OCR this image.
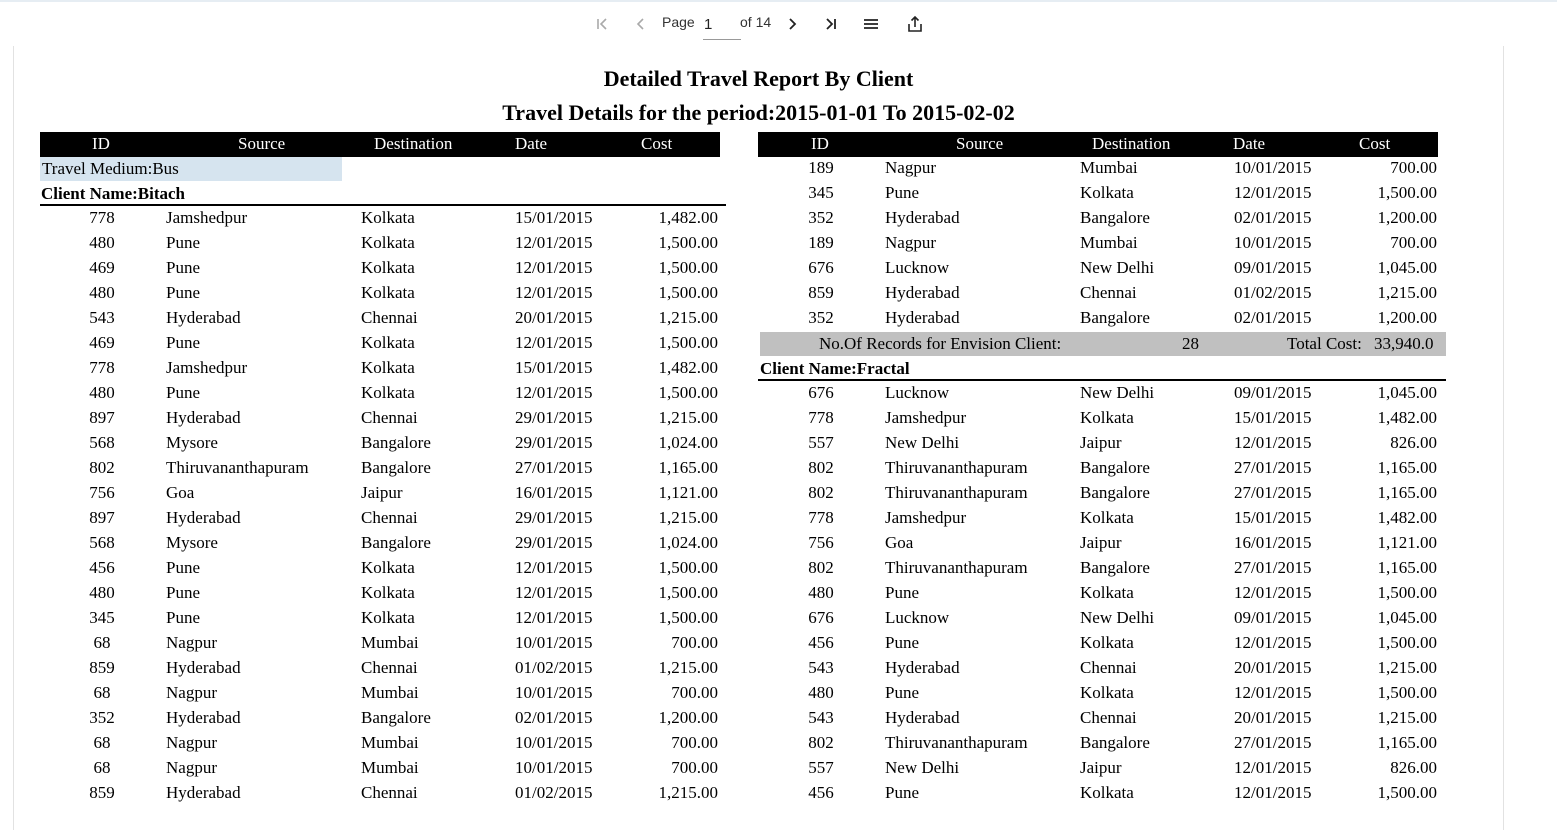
Page
1	of 14
Detailed Travel Report By Client
Travel Details for the period:2015-01-01 To 2015-02-02
ID	Source	Destination	Date	Cost	ID	Source	Destination	Date	Cost
Travel Medium:Bus
Client Name:Bitach
778	Jamshedpur	Kolkata	15/01/2015	1,482.00
480	Pune	Kolkata	12/01/2015	1,500.00
469	Pune	Kolkata	12/01/2015	1,500.00
480	Pune	Kolkata	12/01/2015	1,500.00
543	Hyderabad	Chennai	20/01/2015	1,215.00
469	Pune	Kolkata	12/01/2015	1,500.00
778	Jamshedpur	Kolkata	15/01/2015	1,482.00
480	Pune	Kolkata	12/01/2015	1,500.00
897	Hyderabad	Chennai	29/01/2015	1,215.00
568	Mysore	Bangalore	29/01/2015	1,024.00
802	Thiruvananthapuram	Bangalore	27/01/2015	1,165.00
756	Goa	Jaipur	16/01/2015	1,121.00
897	Hyderabad	Chennai	29/01/2015	1,215.00
568	Mysore	Bangalore	29/01/2015	1,024.00
456	Pune	Kolkata	12/01/2015	1,500.00
480	Pune	Kolkata	12/01/2015	1,500.00
345	Pune	Kolkata	12/01/2015	1,500.00
68	Nagpur	Mumbai	10/01/2015	700.00
859	Hyderabad	Chennai	01/02/2015	1,215.00
68	Nagpur	Mumbai	10/01/2015	700.00
352	Hyderabad	Bangalore	02/01/2015	1,200.00
68	Nagpur	Mumbai	10/01/2015	700.00
68	Nagpur	Mumbai	10/01/2015	700.00
859	Hyderabad	Chennai	01/02/2015	1,215.00
189	Nagpur	Mumbai	10/01/2015	700.00
345	Pune	Kolkata	12/01/2015	1,500.00
352	Hyderabad	Bangalore	02/01/2015	1,200.00
189	Nagpur	Mumbai	10/01/2015	700.00
676	Lucknow	New Delhi	09/01/2015	1,045.00
859	Hyderabad	Chennai	01/02/2015	1,215.00
352	Hyderabad	Bangalore	02/01/2015	1,200.00
No.Of Records for Envision Client:	28	Total Cost: 33,940.0
Client Name:Fractal
676	Lucknow	New Delhi	09/01/2015	1,045.00
778	Jamshedpur	Kolkata	15/01/2015	1,482.00
557	New Delhi	Jaipur	12/01/2015	826.00
802	Thiruvananthapuram	Bangalore	27/01/2015	1,165.00
802	Thiruvananthapuram	Bangalore	27/01/2015	1,165.00
778	Jamshedpur	Kolkata	15/01/2015	1,482.00
756	Goa	Jaipur	16/01/2015	1,121.00
802	Thiruvananthapuram	Bangalore	27/01/2015	1,165.00
480	Pune	Kolkata	12/01/2015	1,500.00
676	Lucknow	New Delhi	09/01/2015	1,045.00
456	Pune	Kolkata	12/01/2015	1,500.00
543	Hyderabad	Chennai	20/01/2015	1,215.00
480	Pune	Kolkata	12/01/2015	1,500.00
543	Hyderabad	Chennai	20/01/2015	1,215.00
802	Thiruvananthapuram	Bangalore	27/01/2015	1,165.00
557	New Delhi	Jaipur	12/01/2015	826.00
456	Pune	Kolkata	12/01/2015	1,500.00
